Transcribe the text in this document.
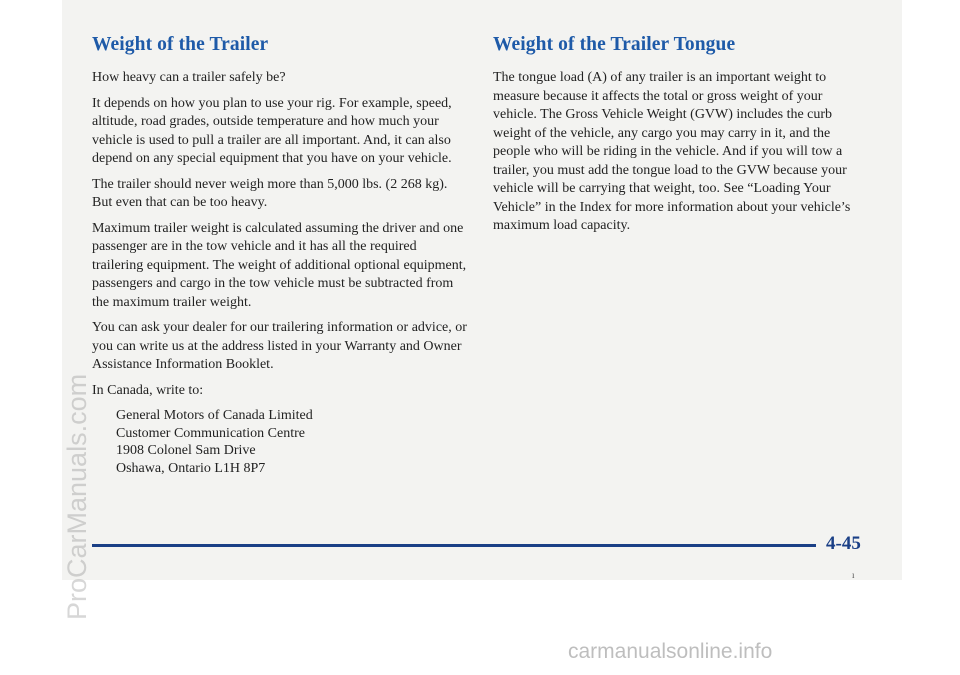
Weight of the Trailer

How heavy can a trailer safely be?

It depends on how you plan to use your rig. For example, speed, altitude, road grades, outside temperature and how much your vehicle is used to pull a trailer are all important. And, it can also depend on any special equipment that you have on your vehicle.

The trailer should never weigh more than 5,000 lbs. (2 268 kg). But even that can be too heavy.

Maximum trailer weight is calculated assuming the driver and one passenger are in the tow vehicle and it has all the required trailering equipment. The weight of additional optional equipment, passengers and cargo in the tow vehicle must be subtracted from the maximum trailer weight.

You can ask your dealer for our trailering information or advice, or you can write us at the address listed in your Warranty and Owner Assistance Information Booklet.

In Canada, write to:

General Motors of Canada Limited
Customer Communication Centre
1908 Colonel Sam Drive
Oshawa, Ontario L1H 8P7
Weight of the Trailer Tongue

The tongue load (A) of any trailer is an important weight to measure because it affects the total or gross weight of your vehicle. The Gross Vehicle Weight (GVW) includes the curb weight of the vehicle, any cargo you may carry in it, and the people who will be riding in the vehicle. And if you will tow a trailer, you must add the tongue load to the GVW because your vehicle will be carrying that weight, too. See “Loading Your Vehicle” in the Index for more information about your vehicle’s maximum load capacity.

4-45
ı
ProCarManuals.com
carmanualsonline.info
